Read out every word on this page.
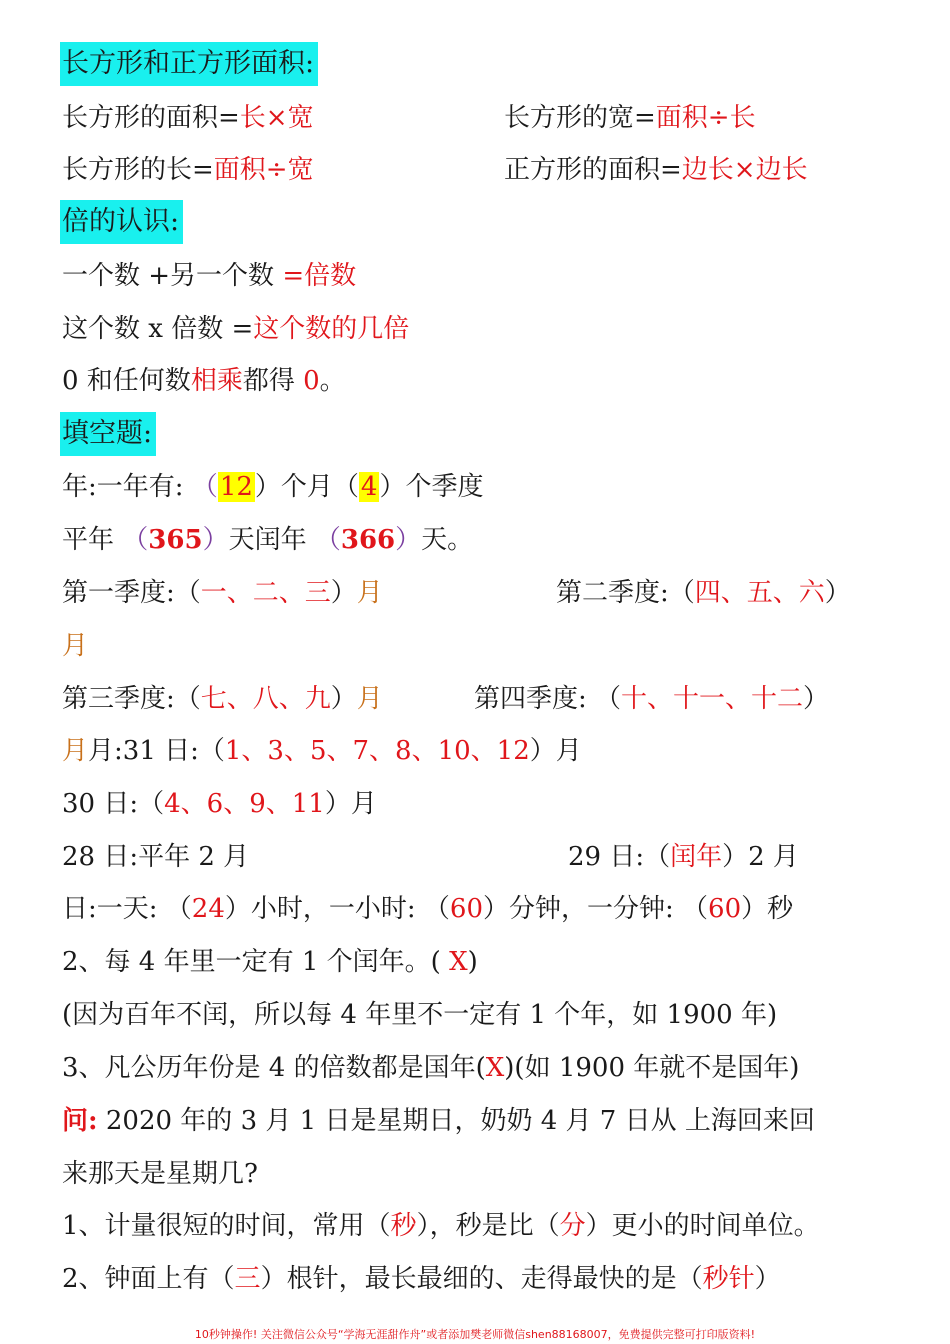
长方形和正方形面积:
长方形的面积=长×宽	长方形的宽=面积÷长
长方形的长=面积÷宽	正方形的面积=边长×边长
倍的认识:
一个数 +另一个数 =倍数
这个数 x 倍数 =这个数的几倍
0 和任何数相乘都得 0。
填空题:
年:一年有: （12）个月（4）个季度
平年 （365）天闰年 （366）天。
第一季度:（一、二、三）月	第二季度:（四、五、六）
月
第三季度:（七、八、九）月	第四季度: （十、十一、十二）
月月:31 日:（1、3、5、7、8、10、12）月
30 日:（4、6、9、11）月
28 日:平年 2 月	29 日:（闰年）2 月
日:一天: （24）小时，一小时: （60）分钟，一分钟: （60）秒
2、每 4 年里一定有 1 个闰年。( X)
(因为百年不闰，所以每 4 年里不一定有 1 个年，如 1900 年)
3、凡公历年份是 4 的倍数都是国年(X)(如 1900 年就不是国年)
问: 2020 年的 3 月 1 日是星期日，奶奶 4 月 7 日从 上海回来回
来那天是星期几?
1、计量很短的时间，常用（秒），秒是比（分）更小的时间单位。
2、钟面上有（三）根针，最长最细的、走得最快的是（秒针）
10秒钟操作! 关注微信公众号“学海无涯甜作舟”或者添加樊老师微信shen88168007，免费提供完整可打印版资料!
